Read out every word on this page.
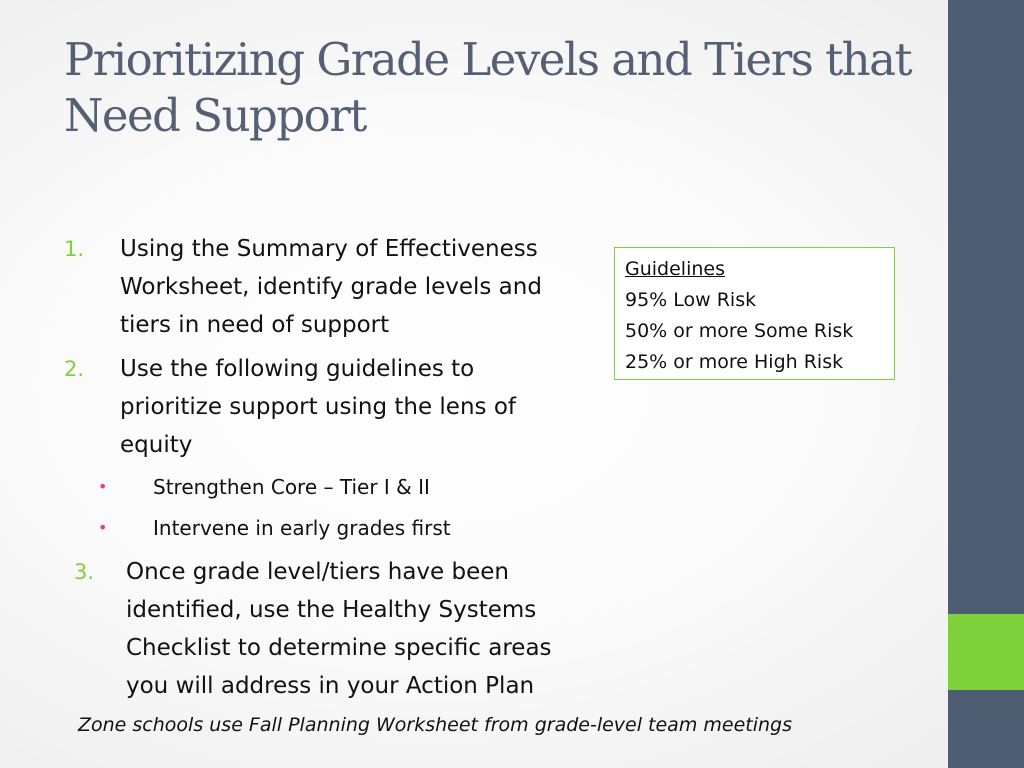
Prioritizing Grade Levels and Tiers that Need Support
1. Using the Summary of Effectiveness
Worksheet, identify grade levels and
tiers in need of support
2. Use the following guidelines to
prioritize support using the lens of
equity
• Strengthen Core – Tier I & II
• Intervene in early grades first
3. Once grade level/tiers have been
identified, use the Healthy Systems
Checklist to determine specific areas
you will address in your Action Plan
Guidelines
95% Low Risk
50% or more Some Risk
25% or more High Risk
Zone schools use Fall Planning Worksheet from grade-level team meetings
